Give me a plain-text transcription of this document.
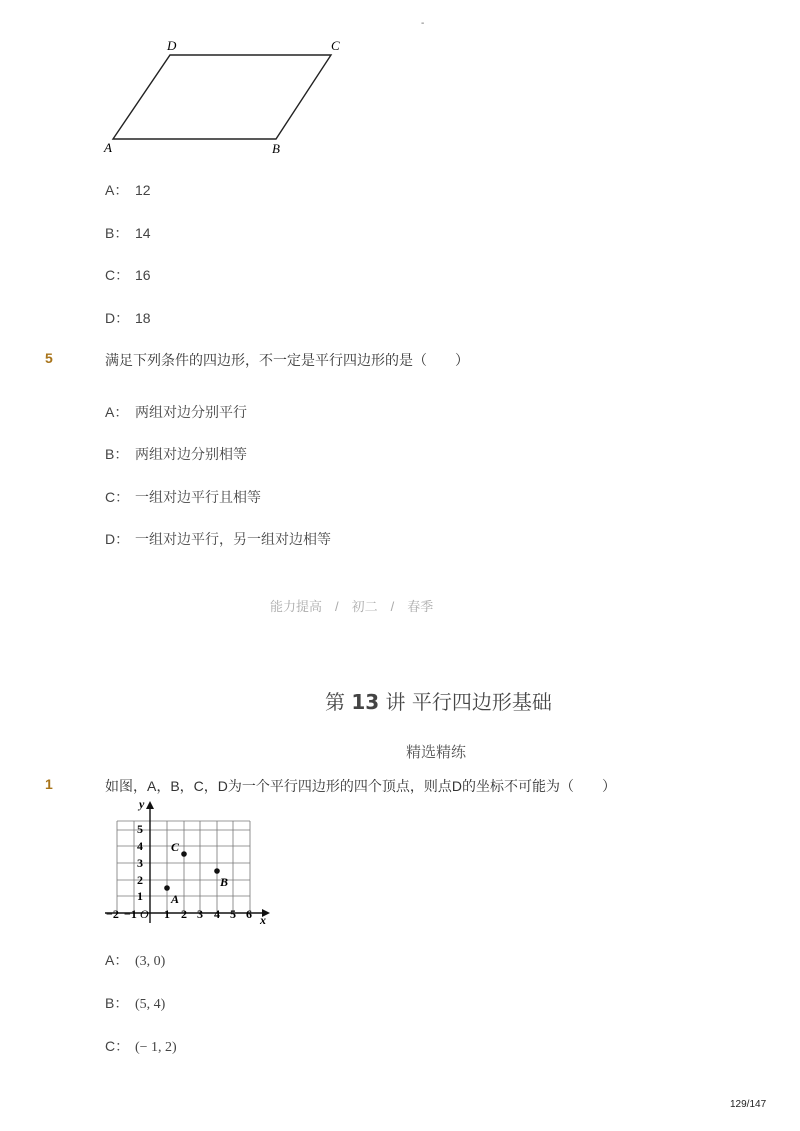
-
D	C
A	B
A： 12
B： 14
C： 16
D： 18
5	满足下列条件的四边形，不一定是平行四边形的是（　　）
A： 两组对边分别平行
B： 两组对边分别相等
C： 一组对边平行且相等
D： 一组对边平行，另一组对边相等
能力提高　/　初二　/　春季
第 13 讲 平行四边形基础
精选精练
1	如图，A，B，C，D为一个平行四边形的四个顶点，则点D的坐标不可能为（　　）
y
x
O
−2 −1 1 2 3 4 5 6
1
2
3
4
5
A
B
C
A： (3, 0)
B： (5, 4)
C： (− 1, 2)
129/147
